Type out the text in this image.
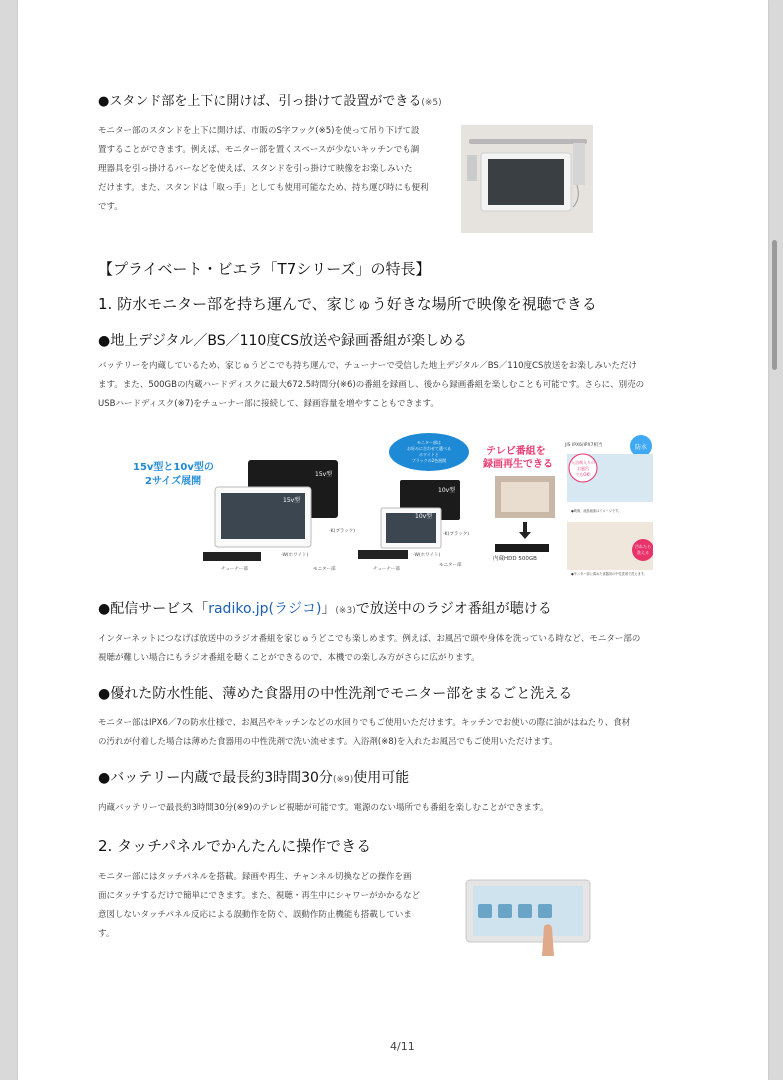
●スタンド部を上下に開けば、引っ掛けて設置ができる(※5)
モニター部のスタンドを上下に開けば、市販のS字フック(※5)を使って吊り下げて設
置することができます。例えば、モニター部を置くスペースが少ないキッチンでも調
理器具を引っ掛けるバーなどを使えば、スタンドを引っ掛けて映像をお楽しみいた
だけます。また、スタンドは「取っ手」としても使用可能なため、持ち運び時にも便利
です。
【プライベート・ビエラ「T7シリーズ」の特長】
1. 防水モニター部を持ち運んで、家じゅう好きな場所で映像を視聴できる
●地上デジタル／BS／110度CS放送や録画番組が楽しめる
バッテリーを内蔵しているため、家じゅうどこでも持ち運んで、チューナーで受信した地上デジタル／BS／110度CS放送をお楽しみいただけ
ます。また、500GBの内蔵ハードディスクに最大672.5時間分(※6)の番組を録画し、後から録画番組を楽しむことも可能です。さらに、別売の
USBハードディスク(※7)をチューナー部に接続して、録画容量を増やすこともできます。
15v型と10v型の
2サイズ展開
15v型
15v型
-K(ブラック)
-W(ホワイト)
チューナー部	モニター部
モニター部は
お好みに合わせて選べる
ホワイトと
ブラックの2色展開
10v型
10v型
-K(ブラック)
-W(ホワイト)
チューナー部
モニター部
テレビ番組を
録画再生できる
内蔵HDD 500GB
JIS IPX6/IPX7相当	防水
入浴剤入りの
お風呂
でもOK!
●映像、液晶画面はイメージです。
汚れたら
洗える
●モニター部に薄めた食器用の中性洗剤で洗えます。
●配信サービス「radiko.jp(ラジコ)」(※3)で放送中のラジオ番組が聴ける
インターネットにつなげば放送中のラジオ番組を家じゅうどこでも楽しめます。例えば、お風呂で頭や身体を洗っている時など、モニター部の
視聴が難しい場合にもラジオ番組を聴くことができるので、本機での楽しみ方がさらに広がります。
●優れた防水性能、薄めた食器用の中性洗剤でモニター部をまるごと洗える
モニター部はIPX6／7の防水仕様で、お風呂やキッチンなどの水回りでもご使用いただけます。キッチンでお使いの際に油がはねたり、食材
の汚れが付着した場合は薄めた食器用の中性洗剤で洗い流せます。入浴剤(※8)を入れたお風呂でもご使用いただけます。
●バッテリー内蔵で最長約3時間30分(※9)使用可能
内蔵バッテリーで最長約3時間30分(※9)のテレビ視聴が可能です。電源のない場所でも番組を楽しむことができます。
2. タッチパネルでかんたんに操作できる
モニター部にはタッチパネルを搭載。録画や再生、チャンネル切換などの操作を画
面にタッチするだけで簡単にできます。また、視聴・再生中にシャワーがかかるなど
意図しないタッチパネル反応による誤動作を防ぐ、誤動作防止機能も搭載していま
す。
4/11
